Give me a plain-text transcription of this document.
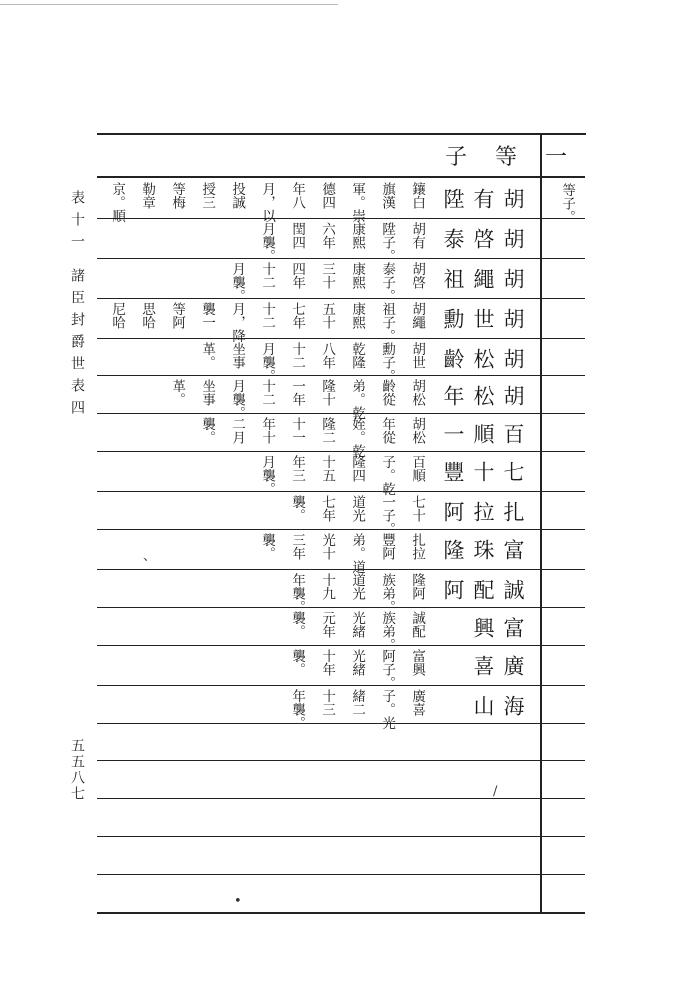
子等一
表十一
諸臣封爵世表四
五五八七
等子。
胡
有
陞
鑲白
旗漢
軍。崇
德四
年八
月，以
投誠
授三
等梅
勒章
京。順
胡
啓
泰
胡有
陞子。
康熙
六年
閏四
月襲。
胡
繩
祖
胡啓
泰子。
康熙
三十
四年
十二
月襲。
胡
世
勳
胡繩
祖子。
康熙
五十
七年
十二
月，降
襲一
等阿
思哈
尼哈
胡
松
齡
胡世
勳子。
乾隆
八年
十二
月襲。
坐事
革。
胡
松
年
胡松
齡從
弟。乾
隆十
一年
十二
月襲。
坐事
革。
百
順
一
胡松
年從
姪。乾
隆二
十一
年十
二月
襲。
七
十
豐
百順
子。乾
隆四
十五
年三
月襲。
扎
拉
阿
七十
一子。
道光
七年
襲。
富
珠
隆
扎拉
豐阿
弟。道
光十
三年
襲。
誠
配
阿
隆阿
族弟。
道光
十九
年襲。
富
興
誠配
族弟。
光緒
元年
襲。
廣
喜
富興
阿子。
光緒
十年
襲。
海
山
廣喜
子。光
緒二
十三
年襲。
、
∕
•
